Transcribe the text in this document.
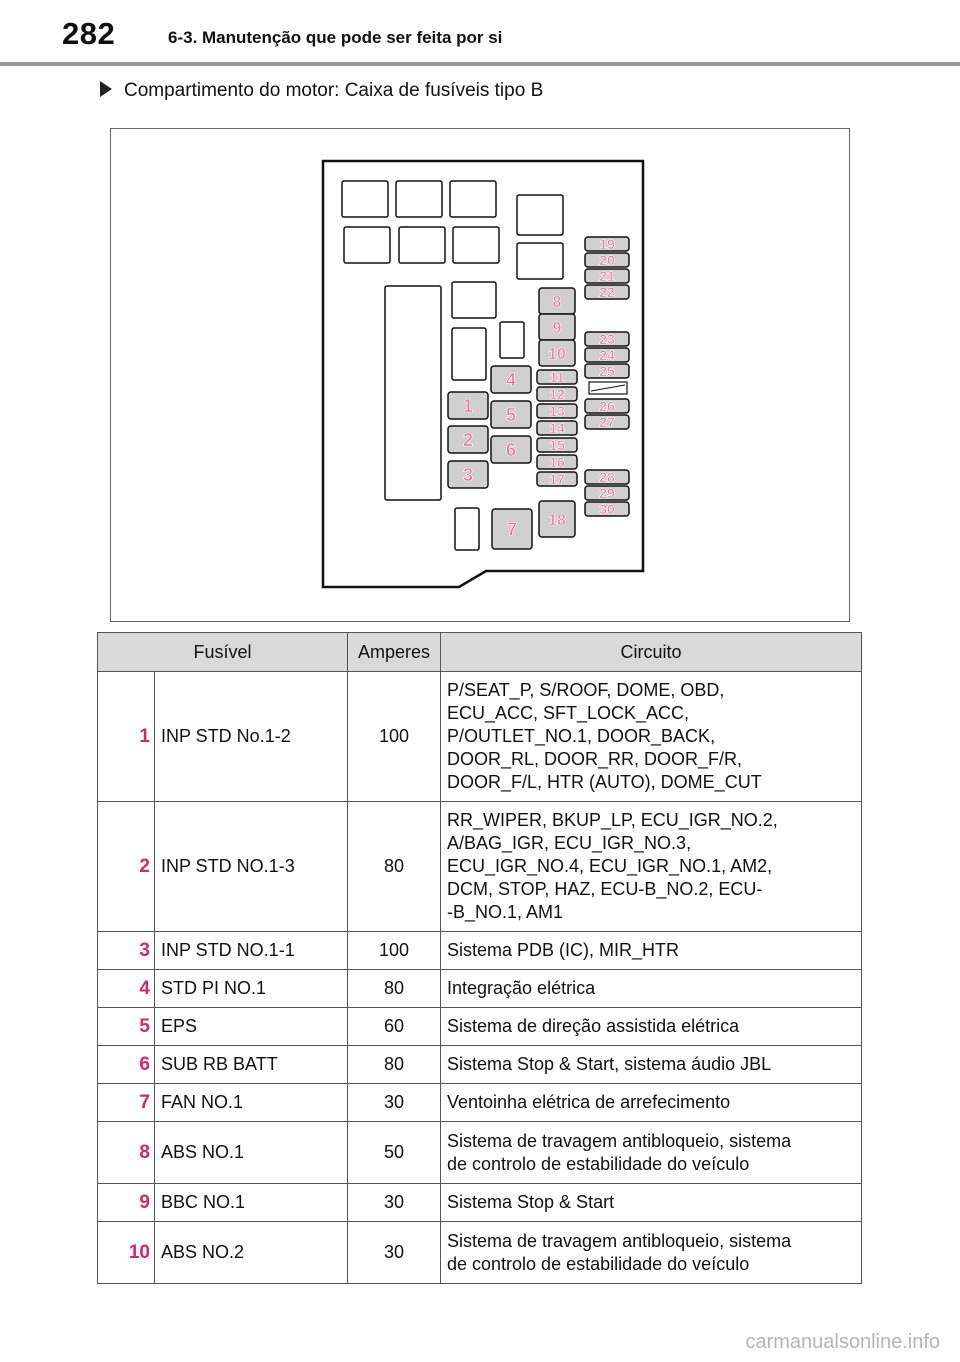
282	6-3. Manutenção que pode ser feita por si
Compartimento do motor: Caixa de fusíveis tipo B
1
2
3
4
5
6
7
8
9
10
11
12
13
14
15
16
17
18
19
20
21
22
23
24
25
26
27
28
29
30
Fusível		Amperes	Circuito
1	INP STD No.1-2	100	P/SEAT_P, S/ROOF, DOME, OBD,
ECU_ACC, SFT_LOCK_ACC,
P/OUTLET_NO.1, DOOR_BACK,
DOOR_RL, DOOR_RR, DOOR_F/R,
DOOR_F/L, HTR (AUTO), DOME_CUT

2	INP STD NO.1-3	80	RR_WIPER, BKUP_LP, ECU_IGR_NO.2,
A/BAG_IGR, ECU_IGR_NO.3,
ECU_IGR_NO.4, ECU_IGR_NO.1, AM2,
DCM, STOP, HAZ, ECU-B_NO.2, ECU-
-B_NO.1, AM1

3	INP STD NO.1-1	100	Sistema PDB (IC), MIR_HTR

4	STD PI NO.1	80	Integração elétrica

5	EPS	60	Sistema de direção assistida elétrica

6	SUB RB BATT	80	Sistema Stop & Start, sistema áudio JBL

7	FAN NO.1	30	Ventoinha elétrica de arrefecimento

8	ABS NO.1	50	Sistema de travagem antibloqueio, sistema
de controlo de estabilidade do veículo

9	BBC NO.1	30	Sistema Stop & Start

10	ABS NO.2	30	Sistema de travagem antibloqueio, sistema
de controlo de estabilidade do veículo
carmanualsonline.info
